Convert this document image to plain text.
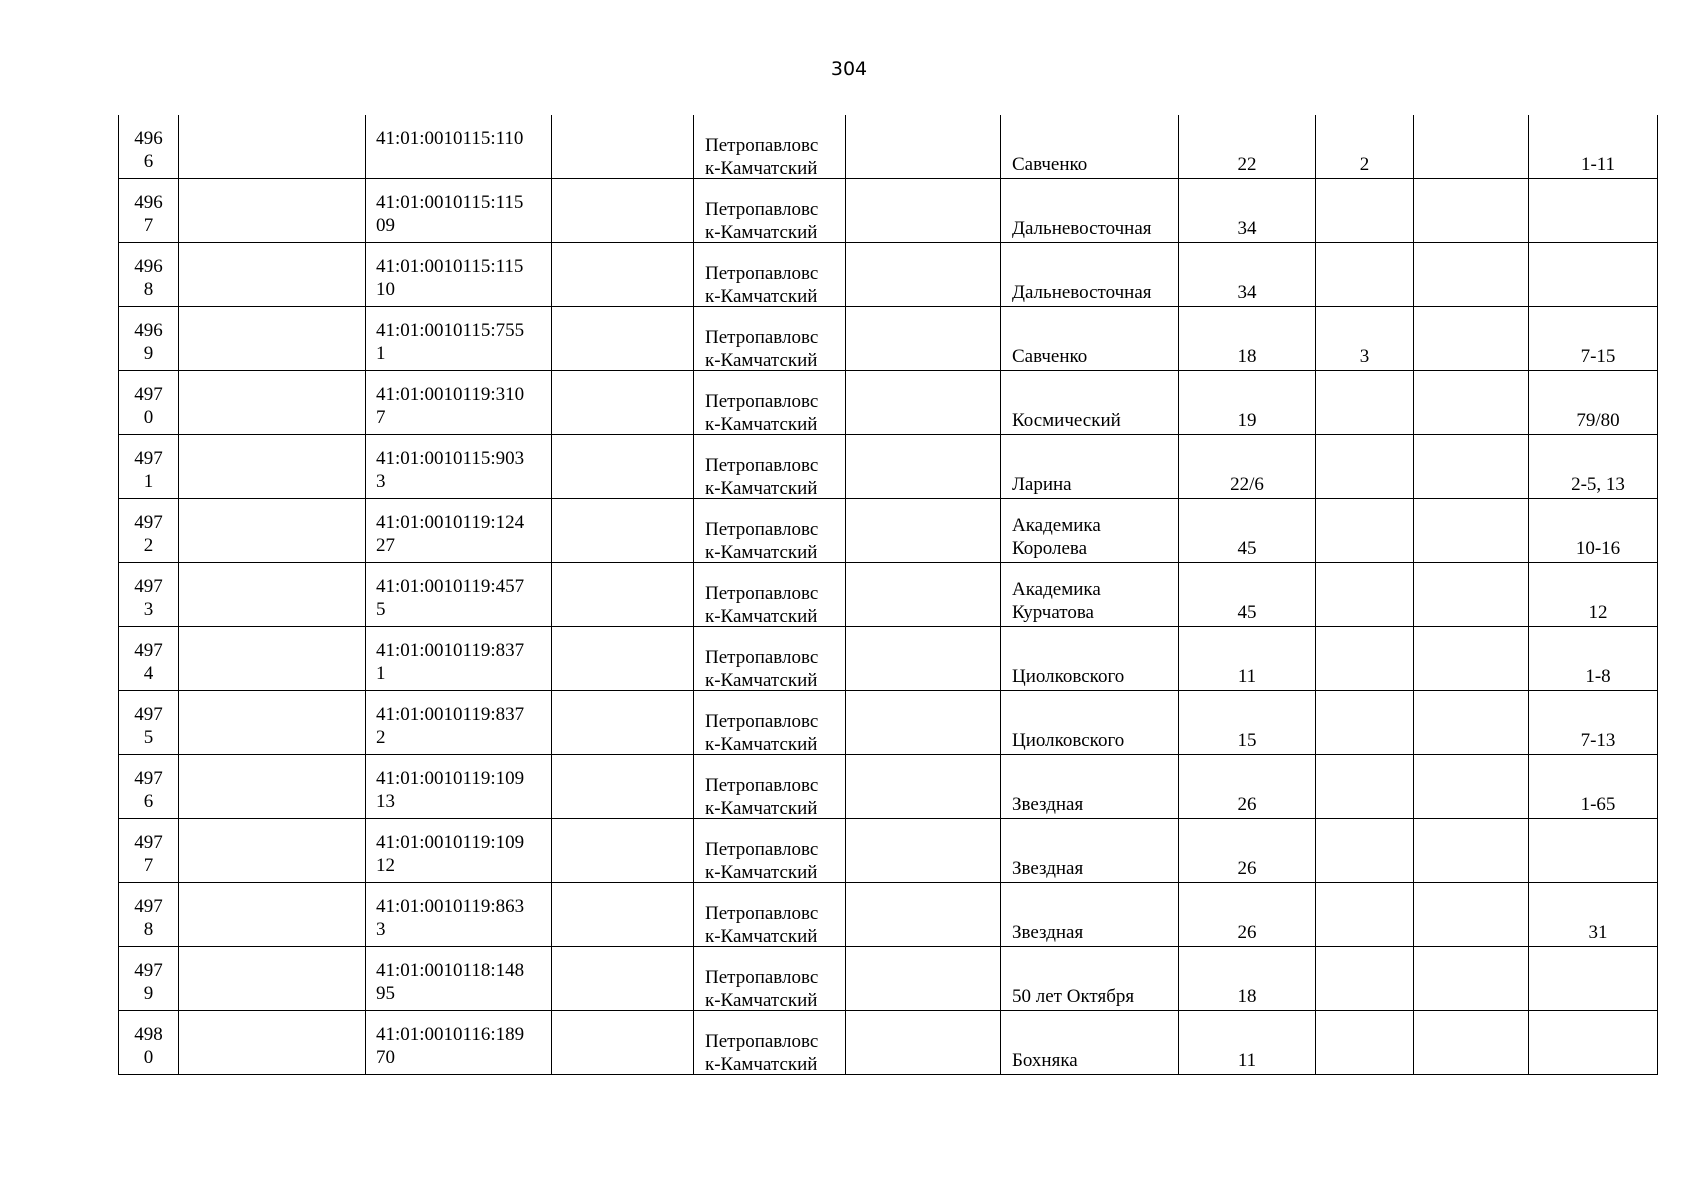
304
496
6		41:01:0010115:110		Петропавловс
к-Камчатский		Савченко	22	2		1-11

496
7		41:01:0010115:115
09		Петропавловс
к-Камчатский		Дальневосточная	34			

496
8		41:01:0010115:115
10		Петропавловс
к-Камчатский		Дальневосточная	34			

496
9		41:01:0010115:755
1		Петропавловс
к-Камчатский		Савченко	18	3		7-15

497
0		41:01:0010119:310
7		Петропавловс
к-Камчатский		Космический	19			79/80

497
1		41:01:0010115:903
3		Петропавловс
к-Камчатский		Ларина	22/6			2-5, 13

497
2		41:01:0010119:124
27		Петропавловс
к-Камчатский		Академика
Королева	45			10-16

497
3		41:01:0010119:457
5		Петропавловс
к-Камчатский		Академика
Курчатова	45			12

497
4		41:01:0010119:837
1		Петропавловс
к-Камчатский		Циолковского	11			1-8

497
5		41:01:0010119:837
2		Петропавловс
к-Камчатский		Циолковского	15			7-13

497
6		41:01:0010119:109
13		Петропавловс
к-Камчатский		Звездная	26			1-65

497
7		41:01:0010119:109
12		Петропавловс
к-Камчатский		Звездная	26			

497
8		41:01:0010119:863
3		Петропавловс
к-Камчатский		Звездная	26			31

497
9		41:01:0010118:148
95		Петропавловс
к-Камчатский		50 лет Октября	18			

498
0		41:01:0010116:189
70		Петропавловс
к-Камчатский		Бохняка	11			
